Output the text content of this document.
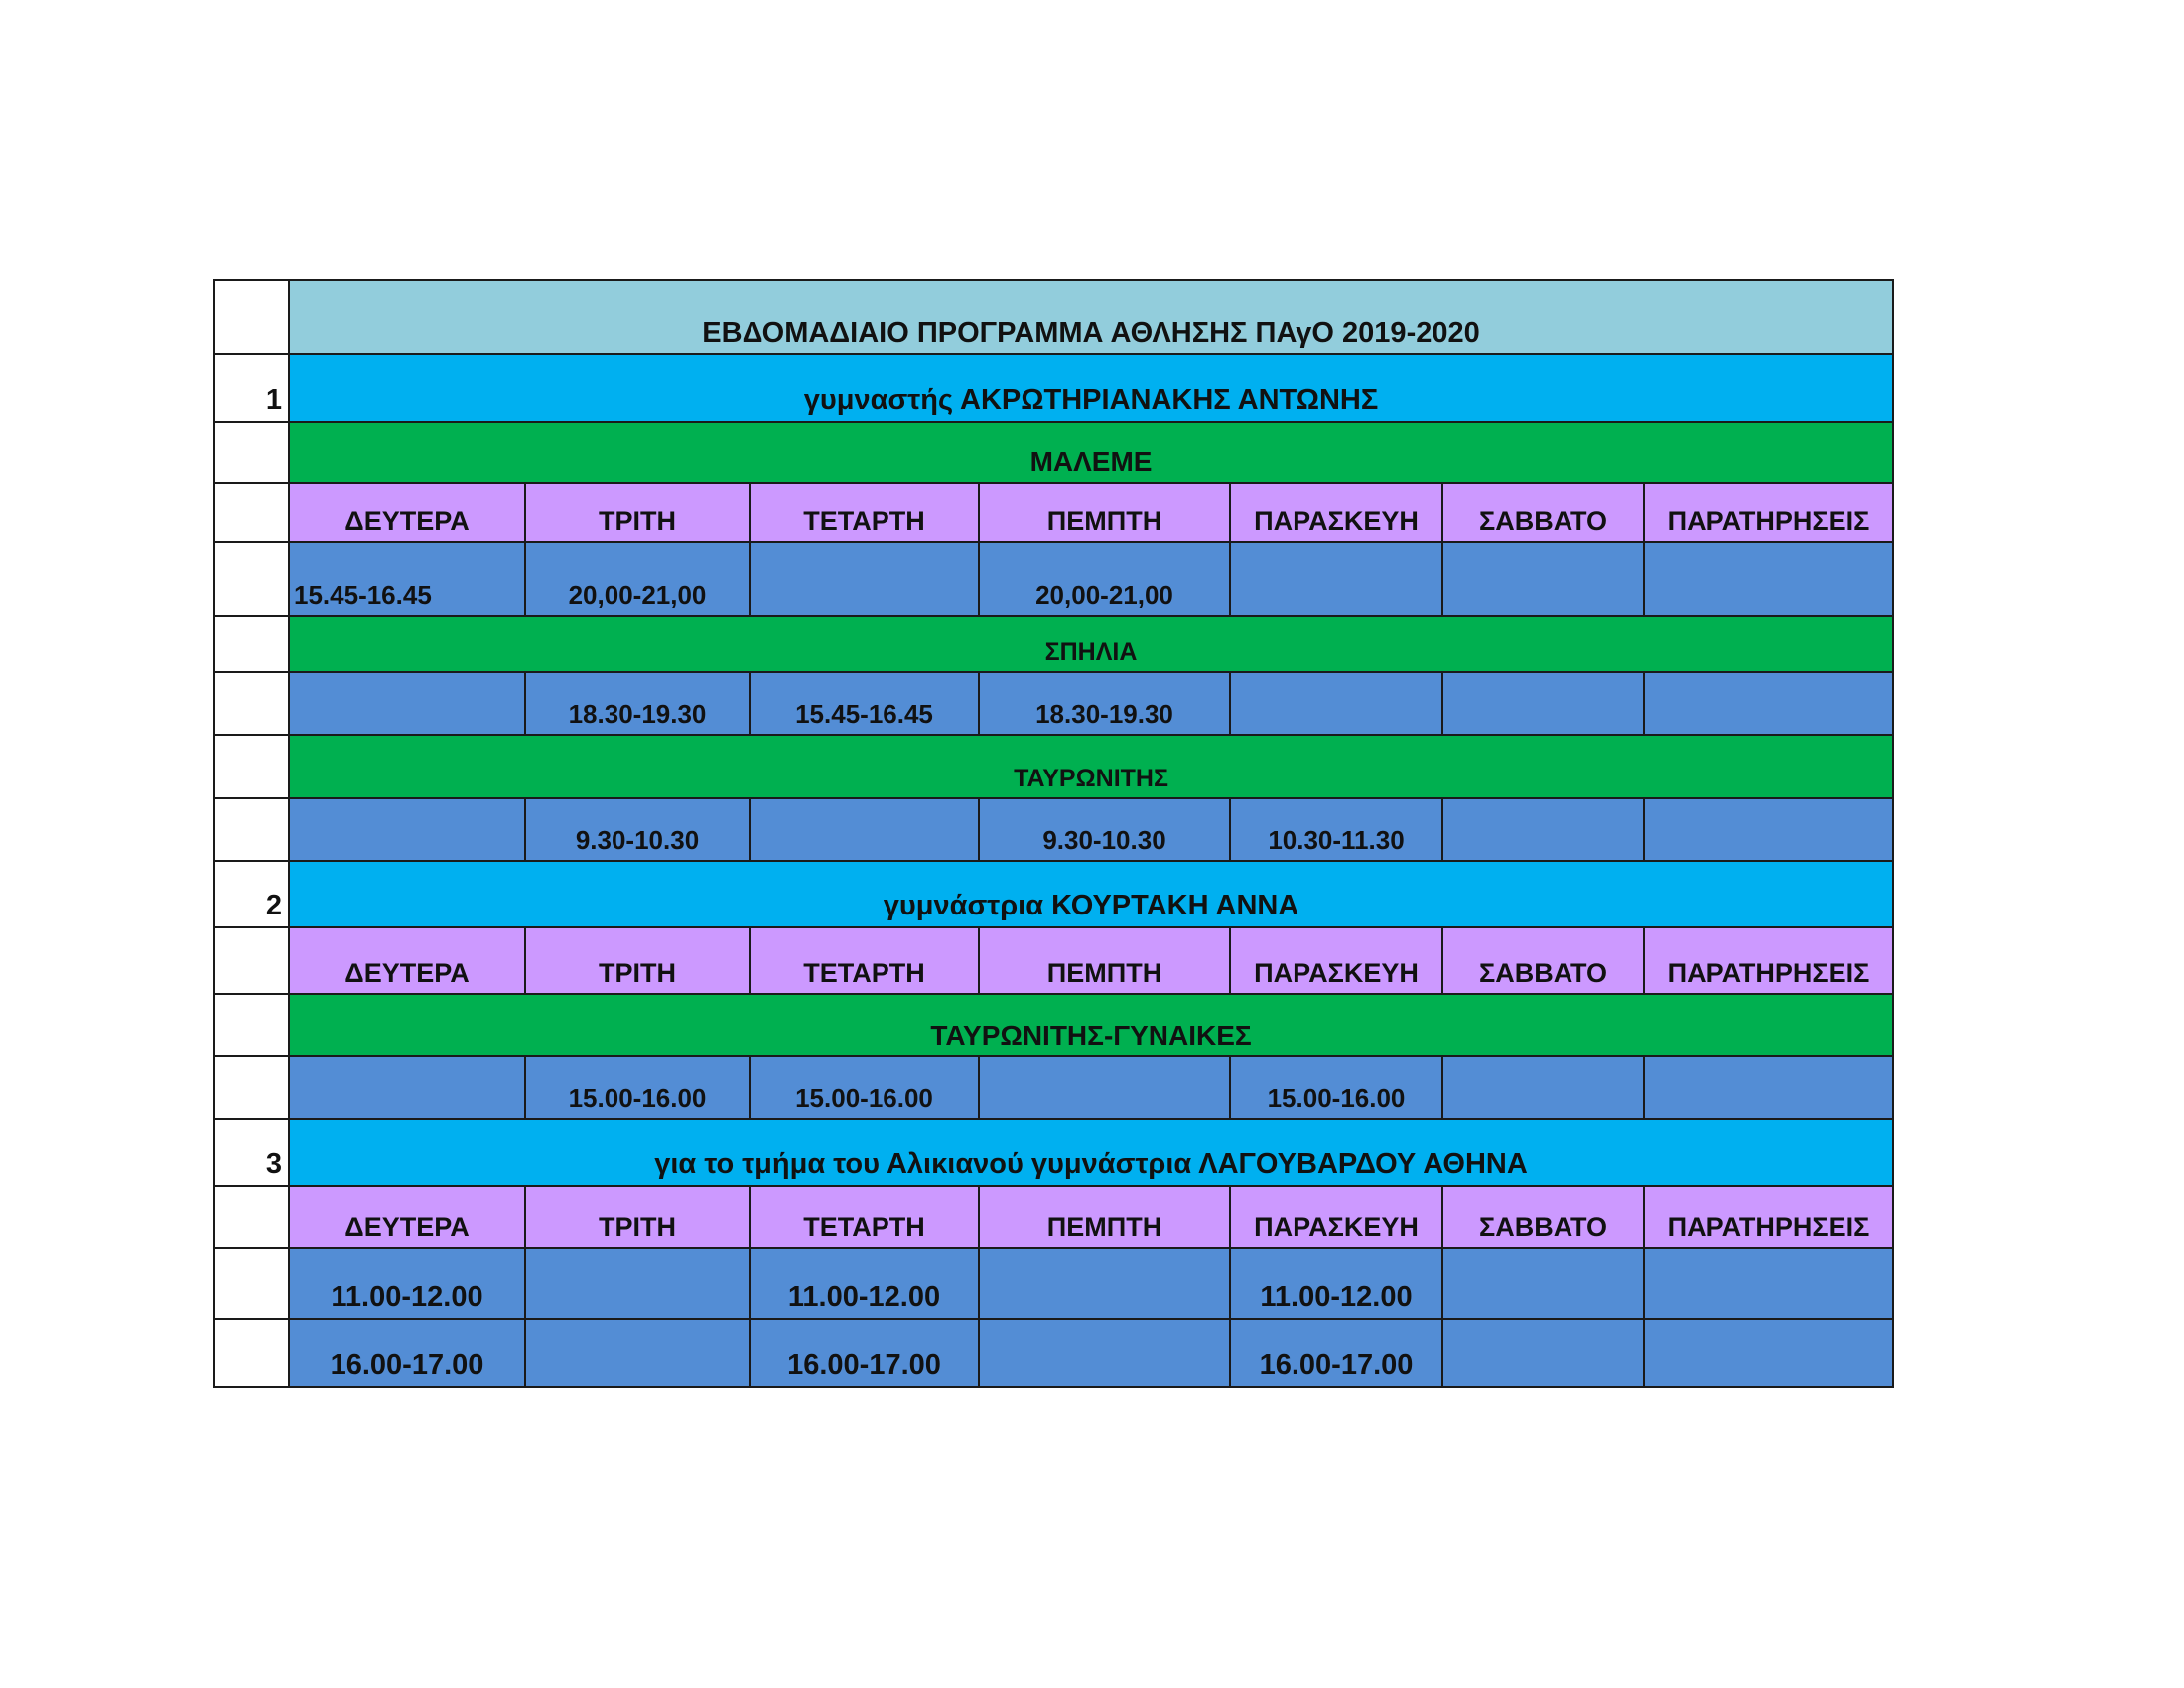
	ΕΒΔΟΜΑΔΙΑΙΟ ΠΡΟΓΡΑΜΜΑ ΑΘΛΗΣΗΣ ΠΑγΟ 2019-2020						
1	γυμναστής ΑΚΡΩΤΗΡΙΑΝΑΚΗΣ ΑΝΤΩΝΗΣ						
	ΜΑΛΕΜΕ						
	ΔΕΥΤΕΡΑ	ΤΡΙΤΗ	ΤΕΤΑΡΤΗ	ΠΕΜΠΤΗ	ΠΑΡΑΣΚΕΥΗ	ΣΑΒΒΑΤΟ	ΠΑΡΑΤΗΡΗΣΕΙΣ
	15.45-16.45	20,00-21,00		20,00-21,00			
	ΣΠΗΛΙΑ						
		18.30-19.30	15.45-16.45	18.30-19.30			
	ΤΑΥΡΩΝΙΤΗΣ						
		9.30-10.30		9.30-10.30	10.30-11.30		
2	γυμνάστρια ΚΟΥΡΤΑΚΗ ΑΝΝΑ						
	ΔΕΥΤΕΡΑ	ΤΡΙΤΗ	ΤΕΤΑΡΤΗ	ΠΕΜΠΤΗ	ΠΑΡΑΣΚΕΥΗ	ΣΑΒΒΑΤΟ	ΠΑΡΑΤΗΡΗΣΕΙΣ
	ΤΑΥΡΩΝΙΤΗΣ-ΓΥΝΑΙΚΕΣ						
		15.00-16.00	15.00-16.00		15.00-16.00		
3	για το τμήμα του Αλικιανού γυμνάστρια ΛΑΓΟΥΒΑΡΔΟΥ ΑΘΗΝΑ						
	ΔΕΥΤΕΡΑ	ΤΡΙΤΗ	ΤΕΤΑΡΤΗ	ΠΕΜΠΤΗ	ΠΑΡΑΣΚΕΥΗ	ΣΑΒΒΑΤΟ	ΠΑΡΑΤΗΡΗΣΕΙΣ
	11.00-12.00		11.00-12.00		11.00-12.00		
	16.00-17.00		16.00-17.00		16.00-17.00		
